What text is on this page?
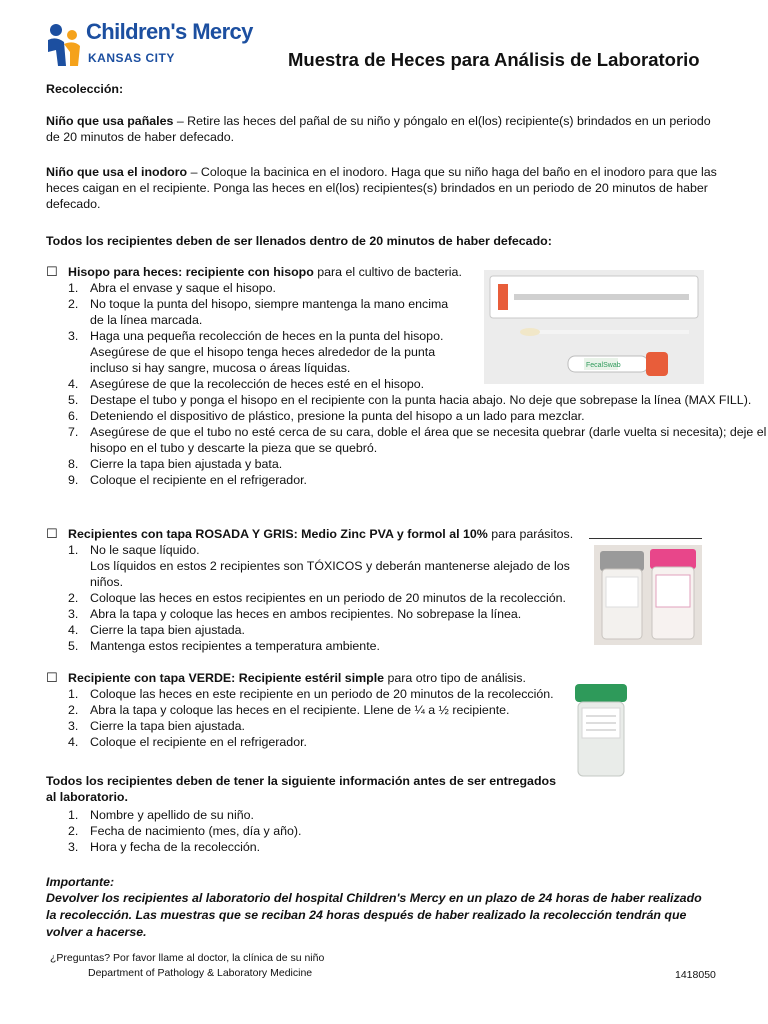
Children's Mercy
KANSAS CITY	Muestra de Heces para Análisis de Laboratorio

Recolección:

Niño que usa pañales – Retire las heces del pañal de su niño y póngalo en el(los) recipiente(s) brindados en un periodo de 20 minutos de haber defecado.

Niño que usa el inodoro – Coloque la bacinica en el inodoro. Haga que su niño haga del baño en el inodoro para que las heces caigan en el recipiente. Ponga las heces en el(los) recipientes(s) brindados en un periodo de 20 minutos de haber defecado.

Todos los recipientes deben de ser llenados dentro de 20 minutos de haber defecado:

☐ Hisopo para heces: recipiente con hisopo para el cultivo de bacteria.
1. Abra el envase y saque el hisopo.
2. No toque la punta del hisopo, siempre mantenga la mano encima de la línea marcada.
3. Haga una pequeña recolección de heces en la punta del hisopo. Asegúrese de que el hisopo tenga heces alrededor de la punta incluso si hay sangre, mucosa o áreas líquidas.
4. Asegúrese de que la recolección de heces esté en el hisopo.
5. Destape el tubo y ponga el hisopo en el recipiente con la punta hacia abajo. No deje que sobrepase la línea (MAX FILL).
6. Deteniendo el dispositivo de plástico, presione la punta del hisopo a un lado para mezclar.
7. Asegúrese de que el tubo no esté cerca de su cara, doble el área que se necesita quebrar (darle vuelta si necesita); deje el hisopo en el tubo y descarte la pieza que se quebró.
8. Cierre la tapa bien ajustada y bata.
9. Coloque el recipiente en el refrigerador.
FecalSwab
☐ Recipientes con tapa ROSADA Y GRIS: Medio Zinc PVA y formol al 10% para parásitos.
1. No le saque líquido.
Los líquidos en estos 2 recipientes son TÓXICOS y deberán mantenerse alejado de los niños.
2. Coloque las heces en estos recipientes en un periodo de 20 minutos de la recolección.
3. Abra la tapa y coloque las heces en ambos recipientes. No sobrepase la línea.
4. Cierre la tapa bien ajustada.
5. Mantenga estos recipientes a temperatura ambiente.
☐ Recipiente con tapa VERDE: Recipiente estéril simple para otro tipo de análisis.
1. Coloque las heces en este recipiente en un periodo de 20 minutos de la recolección.
2. Abra la tapa y coloque las heces en el recipiente. Llene de ¼ a ½ recipiente.
3. Cierre la tapa bien ajustada.
4. Coloque el recipiente en el refrigerador.

Todos los recipientes deben de tener la siguiente información antes de ser entregados al laboratorio.

1. Nombre y apellido de su niño.
2. Fecha de nacimiento (mes, día y año).
3. Hora y fecha de la recolección.

Importante:

Devolver los recipientes al laboratorio del hospital Children's Mercy en un plazo de 24 horas de haber realizado la recolección. Las muestras que se reciban 24 horas después de haber realizado la recolección tendrán que volver a hacerse.

¿Preguntas? Por favor llame al doctor, la clínica de su niño
Department of Pathology & Laboratory Medicine	1418050
